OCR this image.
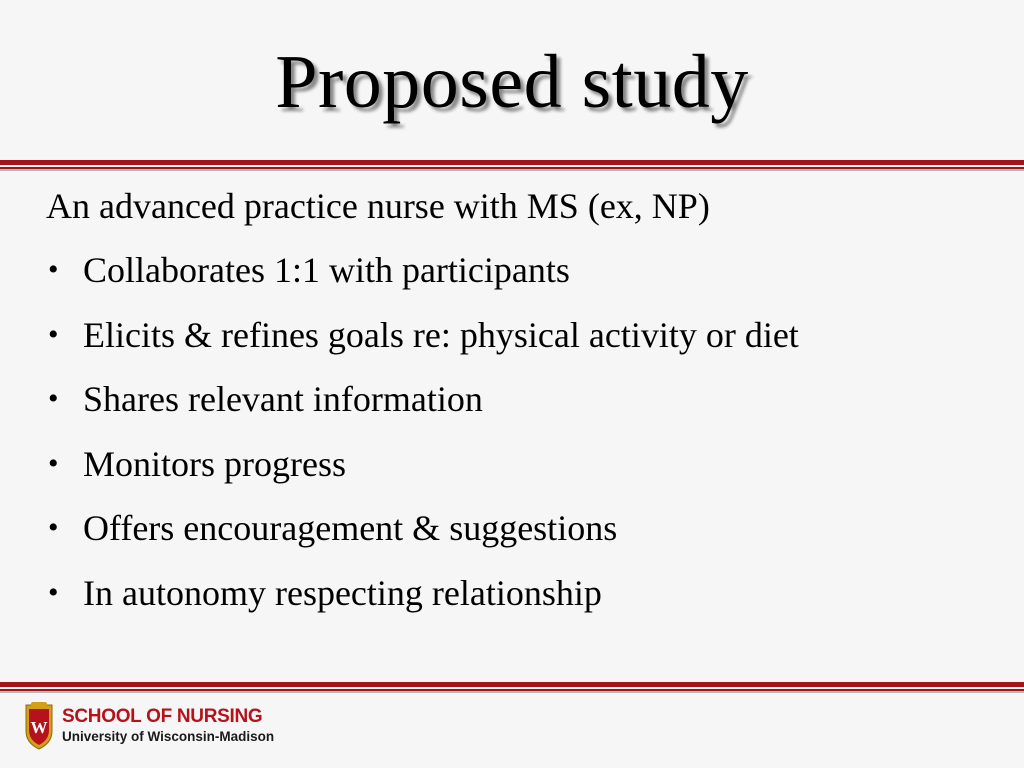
Proposed study
An advanced practice nurse with MS (ex, NP)
• Collaborates 1:1 with participants
• Elicits & refines goals re: physical activity or diet
• Shares relevant information
• Monitors progress
• Offers encouragement & suggestions
• In autonomy respecting relationship
W
SCHOOL OF NURSING
University of Wisconsin-Madison
